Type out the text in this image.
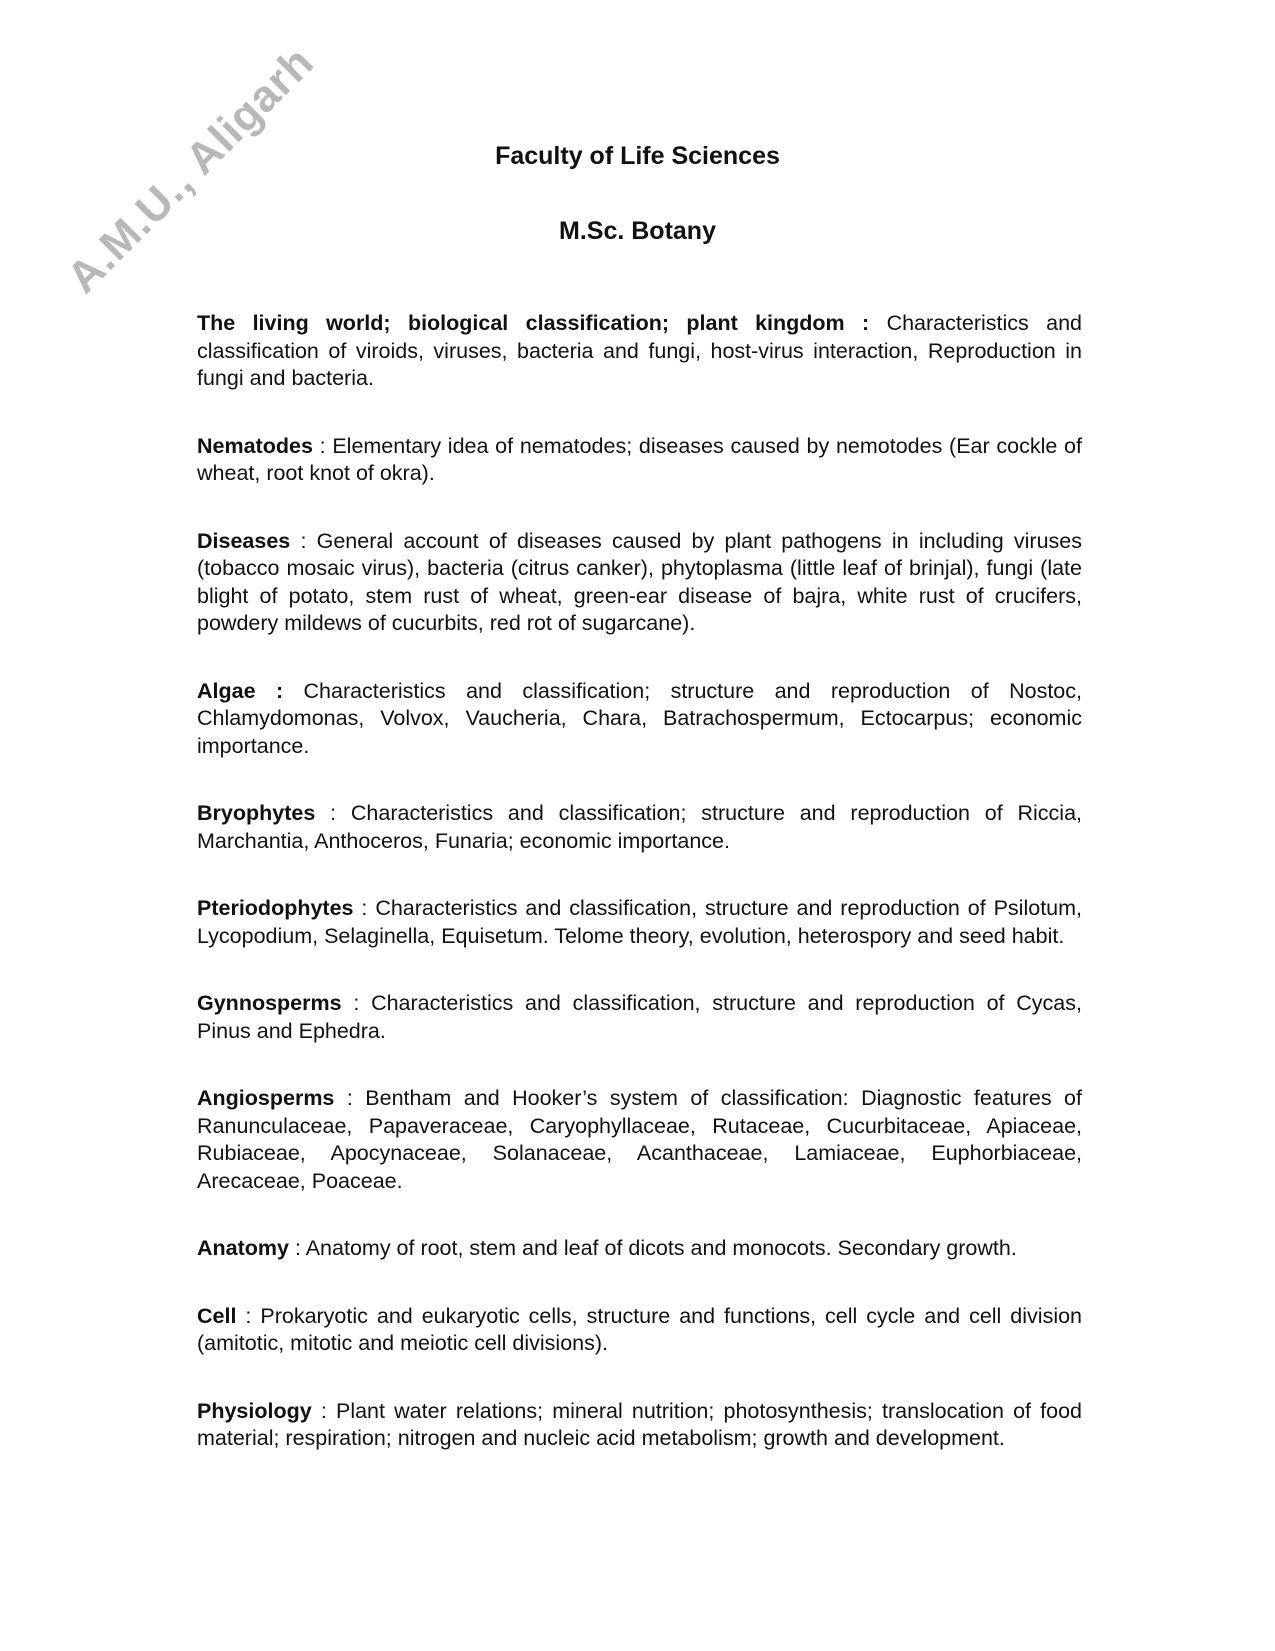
A.M.U., Aligarh	Faculty of Life Sciences
M.Sc. Botany

The living world; biological classification; plant kingdom : Characteristics and classification of viroids, viruses, bacteria and fungi, host-virus interaction, Reproduction in fungi and bacteria.

Nematodes : Elementary idea of nematodes; diseases caused by nemotodes (Ear cockle of wheat, root knot of okra).

Diseases : General account of diseases caused by plant pathogens in including viruses (tobacco mosaic virus), bacteria (citrus canker), phytoplasma (little leaf of brinjal), fungi (late blight of potato, stem rust of wheat, green-ear disease of bajra, white rust of crucifers, powdery mildews of cucurbits, red rot of sugarcane).

Algae : Characteristics and classification; structure and reproduction of Nostoc, Chlamydomonas, Volvox, Vaucheria, Chara, Batrachospermum, Ectocarpus; economic importance.

Bryophytes : Characteristics and classification; structure and reproduction of Riccia, Marchantia, Anthoceros, Funaria; economic importance.

Pteriodophytes : Characteristics and classification, structure and reproduction of Psilotum, Lycopodium, Selaginella, Equisetum. Telome theory, evolution, heterospory and seed habit.

Gynnosperms : Characteristics and classification, structure and reproduction of Cycas, Pinus and Ephedra.

Angiosperms : Bentham and Hooker’s system of classification: Diagnostic features of Ranunculaceae, Papaveraceae, Caryophyllaceae, Rutaceae, Cucurbitaceae, Apiaceae, Rubiaceae, Apocynaceae, Solanaceae, Acanthaceae, Lamiaceae, Euphorbiaceae, Arecaceae, Poaceae.

Anatomy : Anatomy of root, stem and leaf of dicots and monocots. Secondary growth.

Cell : Prokaryotic and eukaryotic cells, structure and functions, cell cycle and cell division (amitotic, mitotic and meiotic cell divisions).

Physiology : Plant water relations; mineral nutrition; photosynthesis; translocation of food material; respiration; nitrogen and nucleic acid metabolism; growth and development.
